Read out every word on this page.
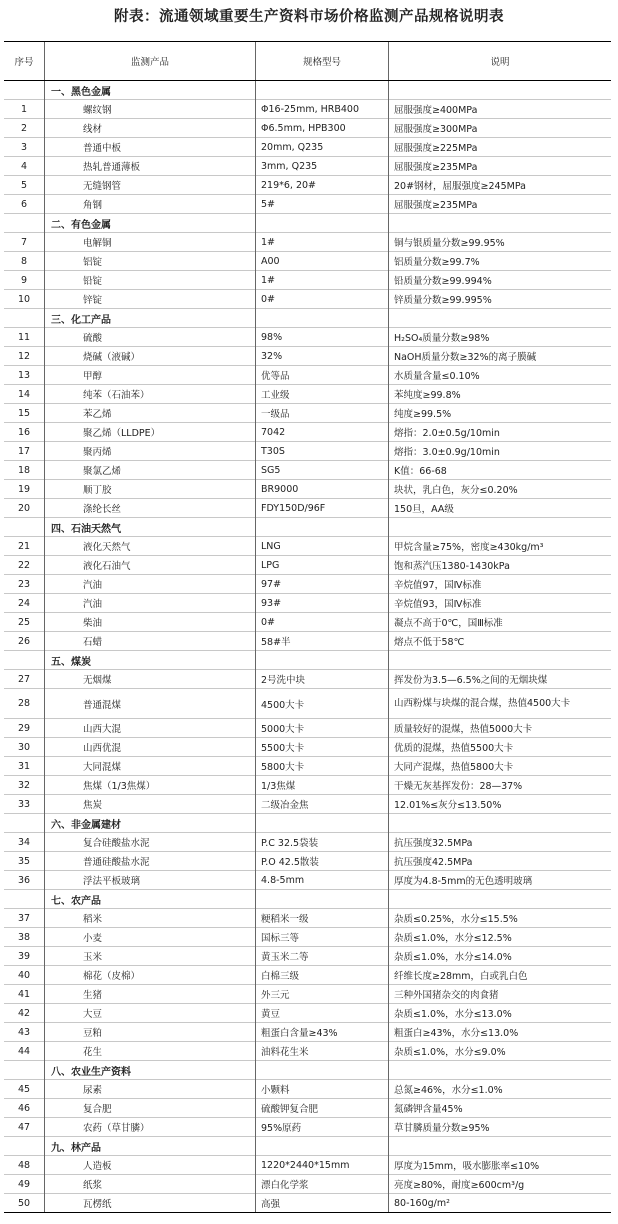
附表：流通领域重要生产资料市场价格监测产品规格说明表
序号	监测产品	规格型号	说明
	一、黑色金属		
1	螺纹钢	Φ16-25mm, HRB400	屈服强度≥400MPa
2	线材	Φ6.5mm, HPB300	屈服强度≥300MPa
3	普通中板	20mm, Q235	屈服强度≥225MPa
4	热轧普通薄板	3mm, Q235	屈服强度≥235MPa
5	无缝钢管	219*6, 20#	20#钢材，屈服强度≥245MPa
6	角钢	5#	屈服强度≥235MPa
	二、有色金属		
7	电解铜	1#	铜与银质量分数≥99.95%
8	铝锭	A00	铝质量分数≥99.7%
9	铅锭	1#	铅质量分数≥99.994%
10	锌锭	0#	锌质量分数≥99.995%
	三、化工产品		
11	硫酸	98%	H₂SO₄质量分数≥98%
12	烧碱（液碱）	32%	NaOH质量分数≥32%的离子膜碱
13	甲醇	优等品	水质量含量≤0.10%
14	纯苯（石油苯）	工业级	苯纯度≥99.8%
15	苯乙烯	一级品	纯度≥99.5%
16	聚乙烯（LLDPE）	7042	熔指：2.0±0.5g/10min
17	聚丙烯	T30S	熔指：3.0±0.9g/10min
18	聚氯乙烯	SG5	K值：66-68
19	顺丁胶	BR9000	块状，乳白色，灰分≤0.20%
20	涤纶长丝	FDY150D/96F	150旦，AA级
	四、石油天然气		
21	液化天然气	LNG	甲烷含量≥75%，密度≥430kg/m³
22	液化石油气	LPG	饱和蒸汽压1380-1430kPa
23	汽油	97#	辛烷值97，国Ⅳ标准
24	汽油	93#	辛烷值93，国Ⅳ标准
25	柴油	0#	凝点不高于0℃，国Ⅲ标准
26	石蜡	58#半	熔点不低于58℃
	五、煤炭		
27	无烟煤	2号洗中块	挥发份为3.5—6.5%之间的无烟块煤
28	普通混煤	4500大卡	山西粉煤与块煤的混合煤，热值4500大卡
29	山西大混	5000大卡	质量较好的混煤，热值5000大卡
30	山西优混	5500大卡	优质的混煤，热值5500大卡
31	大同混煤	5800大卡	大同产混煤，热值5800大卡
32	焦煤（1/3焦煤）	1/3焦煤	干燥无灰基挥发份：28—37%
33	焦炭	二级冶金焦	12.01%≤灰分≤13.50%
	六、非金属建材		
34	复合硅酸盐水泥	P.C 32.5袋装	抗压强度32.5MPa
35	普通硅酸盐水泥	P.O 42.5散装	抗压强度42.5MPa
36	浮法平板玻璃	4.8-5mm	厚度为4.8-5mm的无色透明玻璃
	七、农产品		
37	稻米	粳稻米一级	杂质≤0.25%，水分≤15.5%
38	小麦	国标三等	杂质≤1.0%，水分≤12.5%
39	玉米	黄玉米二等	杂质≤1.0%，水分≤14.0%
40	棉花（皮棉）	白棉三级	纤维长度≥28mm，白或乳白色
41	生猪	外三元	三种外国猪杂交的肉食猪
42	大豆	黄豆	杂质≤1.0%，水分≤13.0%
43	豆粕	粗蛋白含量≥43%	粗蛋白≥43%，水分≤13.0%
44	花生	油料花生米	杂质≤1.0%，水分≤9.0%
	八、农业生产资料		
45	尿素	小颗料	总氮≥46%，水分≤1.0%
46	复合肥	硫酸钾复合肥	氮磷钾含量45%
47	农药（草甘膦）	95%原药	草甘膦质量分数≥95%
	九、林产品		
48	人造板	1220*2440*15mm	厚度为15mm，吸水膨胀率≤10%
49	纸浆	漂白化学浆	亮度≥80%，耐度≥600cm³/g
50	瓦楞纸	高强	80-160g/m²
